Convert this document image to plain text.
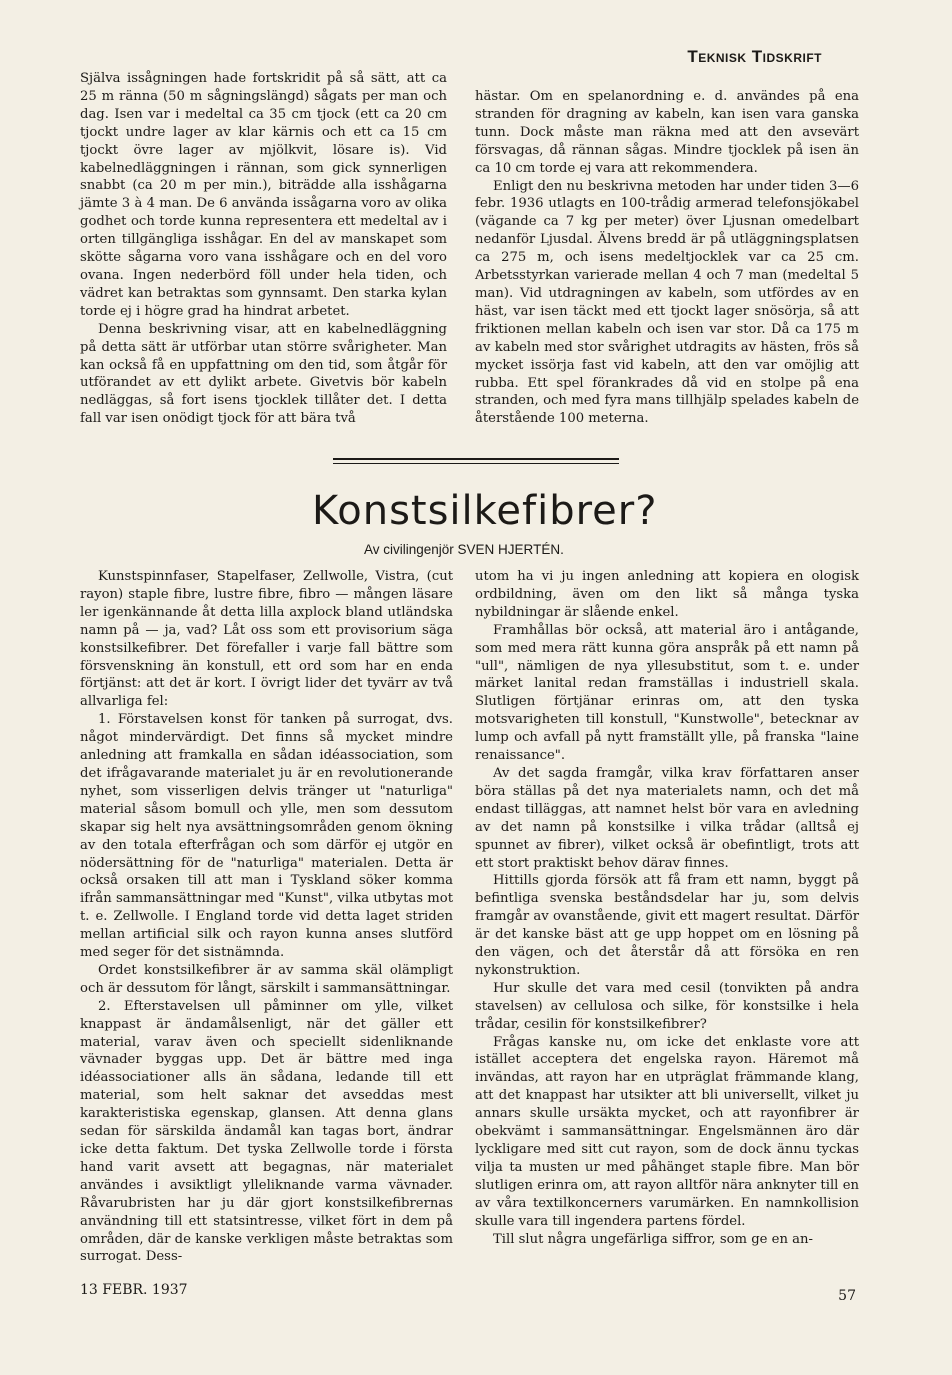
Teknisk Tidskrift

Själva issågningen hade fortskridit på så sätt, att ca 25 m ränna (50 m sågningslängd) sågats per man och dag. Isen var i medeltal ca 35 cm tjock (ett ca 20 cm tjockt undre lager av klar kärnis och ett ca 15 cm tjockt övre lager av mjölkvit, lösare is). Vid kabelnedläggningen i rännan, som gick synnerligen snabbt (ca 20 m per min.), biträdde alla isshågarna jämte 3 à 4 man. De 6 använda issågarna voro av olika godhet och torde kunna representera ett medeltal av i orten tillgängliga isshågar. En del av manskapet som skötte sågarna voro vana isshågare och en del voro ovana. Ingen nederbörd föll under hela tiden, och vädret kan betraktas som gynnsamt. Den starka kylan torde ej i högre grad ha hindrat arbetet.

Denna beskrivning visar, att en kabelnedläggning på detta sätt är utförbar utan större svårigheter. Man kan också få en uppfattning om den tid, som åtgår för utförandet av ett dylikt arbete. Givetvis bör kabeln nedläggas, så fort isens tjocklek tillåter det. I detta fall var isen onödigt tjock för att bära två

hästar. Om en spelanordning e. d. användes på ena stranden för dragning av kabeln, kan isen vara ganska tunn. Dock måste man räkna med att den avsevärt försvagas, då rännan sågas. Mindre tjocklek på isen än ca 10 cm torde ej vara att rekommendera.

Enligt den nu beskrivna metoden har under tiden 3—6 febr. 1936 utlagts en 100-trådig armerad telefonsjökabel (vägande ca 7 kg per meter) över Ljusnan omedelbart nedanför Ljusdal. Älvens bredd är på utläggningsplatsen ca 275 m, och isens medeltjocklek var ca 25 cm. Arbetsstyrkan varierade mellan 4 och 7 man (medeltal 5 man). Vid utdragningen av kabeln, som utfördes av en häst, var isen täckt med ett tjockt lager snösörja, så att friktionen mellan kabeln och isen var stor. Då ca 175 m av kabeln med stor svårighet utdragits av hästen, frös så mycket issörja fast vid kabeln, att den var omöjlig att rubba. Ett spel förankrades då vid en stolpe på ena stranden, och med fyra mans tillhjälp spelades kabeln de återstående 100 meterna.

Konstsilkefibrer?
Av civilingenjör SVEN HJERTÉN.

Kunstspinnfaser, Stapelfaser, Zellwolle, Vistra, (cut rayon) staple fibre, lustre fibre, fibro — mången läsare ler igenkännande åt detta lilla axplock bland utländska namn på — ja, vad? Låt oss som ett provisorium säga konstsilkefibrer. Det förefaller i varje fall bättre som försvenskning än konstull, ett ord som har en enda förtjänst: att det är kort. I övrigt lider det tyvärr av två allvarliga fel:

1. Förstavelsen konst för tanken på surrogat, dvs. något mindervärdigt. Det finns så mycket mindre anledning att framkalla en sådan idéassociation, som det ifrågavarande materialet ju är en revolutionerande nyhet, som visserligen delvis tränger ut "naturliga" material såsom bomull och ylle, men som dessutom skapar sig helt nya avsättningsområden genom ökning av den totala efterfrågan och som därför ej utgör en nödersättning för de "naturliga" materialen. Detta är också orsaken till att man i Tyskland söker komma ifrån sammansättningar med "Kunst", vilka utbytas mot t. e. Zellwolle. I England torde vid detta laget striden mellan artificial silk och rayon kunna anses slutförd med seger för det sistnämnda.

Ordet konstsilkefibrer är av samma skäl olämpligt och är dessutom för långt, särskilt i sammansättningar.

2. Efterstavelsen ull påminner om ylle, vilket knappast är ändamålsenligt, när det gäller ett material, varav även och speciellt sidenliknande vävnader byggas upp. Det är bättre med inga idéassociationer alls än sådana, ledande till ett material, som helt saknar det avseddas mest karakteristiska egenskap, glansen. Att denna glans sedan för särskilda ändamål kan tagas bort, ändrar icke detta faktum. Det tyska Zellwolle torde i första hand varit avsett att begagnas, när materialet användes i avsiktligt ylleliknande varma vävnader. Råvarubristen har ju där gjort konstsilkefibrernas användning till ett statsintresse, vilket fört in dem på områden, där de kanske verkligen måste betraktas som surrogat. Dess-

utom ha vi ju ingen anledning att kopiera en ologisk ordbildning, även om den likt så många tyska nybildningar är slående enkel.

Framhållas bör också, att material äro i antågande, som med mera rätt kunna göra anspråk på ett namn på "ull", nämligen de nya yllesubstitut, som t. e. under märket lanital redan framställas i industriell skala. Slutligen förtjänar erinras om, att den tyska motsvarigheten till konstull, "Kunstwolle", betecknar av lump och avfall på nytt framställt ylle, på franska "laine renaissance".

Av det sagda framgår, vilka krav författaren anser böra ställas på det nya materialets namn, och det må endast tilläggas, att namnet helst bör vara en avledning av det namn på konstsilke i vilka trådar (alltså ej spunnet av fibrer), vilket också är obefintligt, trots att ett stort praktiskt behov därav finnes.

Hittills gjorda försök att få fram ett namn, byggt på befintliga svenska beståndsdelar har ju, som delvis framgår av ovanstående, givit ett magert resultat. Därför är det kanske bäst att ge upp hoppet om en lösning på den vägen, och det återstår då att försöka en ren nykonstruktion.

Hur skulle det vara med cesil (tonvikten på andra stavelsen) av cellulosa och silke, för konstsilke i hela trådar, cesilin för konstsilkefibrer?

Frågas kanske nu, om icke det enklaste vore att istället acceptera det engelska rayon. Häremot må invändas, att rayon har en utpräglat främmande klang, att det knappast har utsikter att bli universellt, vilket ju annars skulle ursäkta mycket, och att rayonfibrer är obekvämt i sammansättningar. Engelsmännen äro där lyckligare med sitt cut rayon, som de dock ännu tyckas vilja ta musten ur med påhänget staple fibre. Man bör slutligen erinra om, att rayon alltför nära anknyter till en av våra textilkoncerners varumärken. En namnkollision skulle vara till ingendera partens fördel.

Till slut några ungefärliga siffror, som ge en an-

13 FEBR. 1937	57
